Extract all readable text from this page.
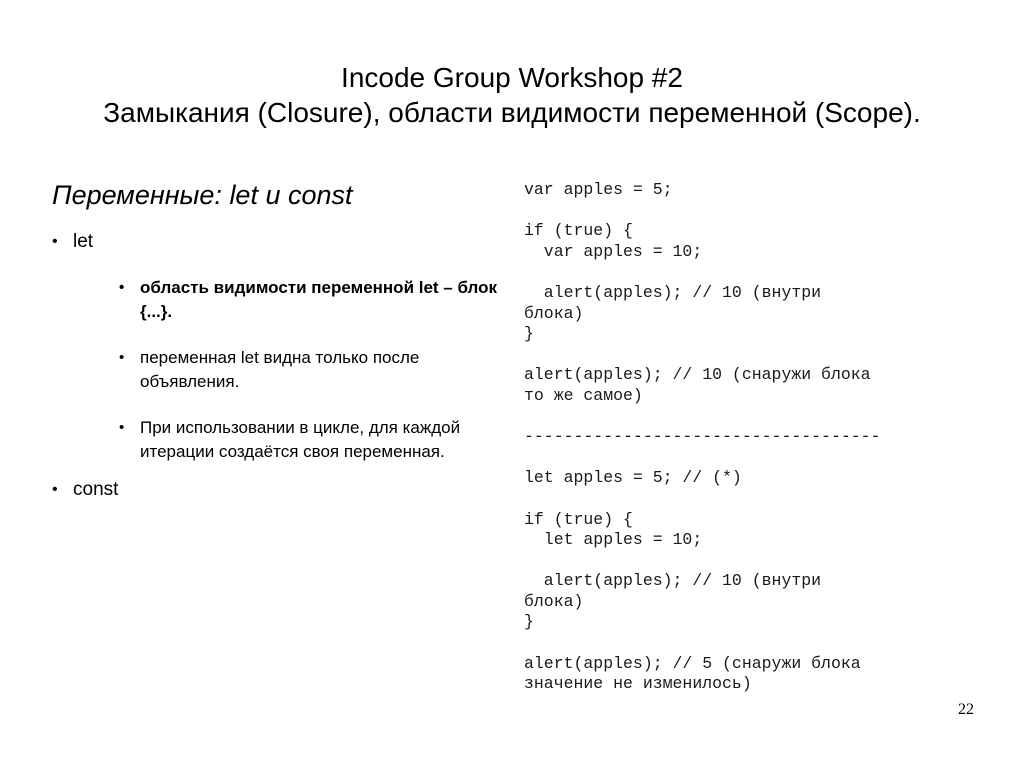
Incode Group Workshop #2
Замыкания (Closure), области видимости переменной (Scope).
Переменные: let и const
• let
• область видимости переменной let – блок {...}.
• переменная let видна только после объявления.
• При использовании в цикле, для каждой итерации создаётся своя переменная.
• const
var apples = 5;
if (true) {
var apples = 10;
alert(apples); // 10 (внутри
блока)
}
alert(apples); // 10 (снаружи блока
то же самое)
------------------------------------
let apples = 5; // (*)
if (true) {
let apples = 10;
alert(apples); // 10 (внутри
блока)
}
alert(apples); // 5 (снаружи блока
значение не изменилось)
22
